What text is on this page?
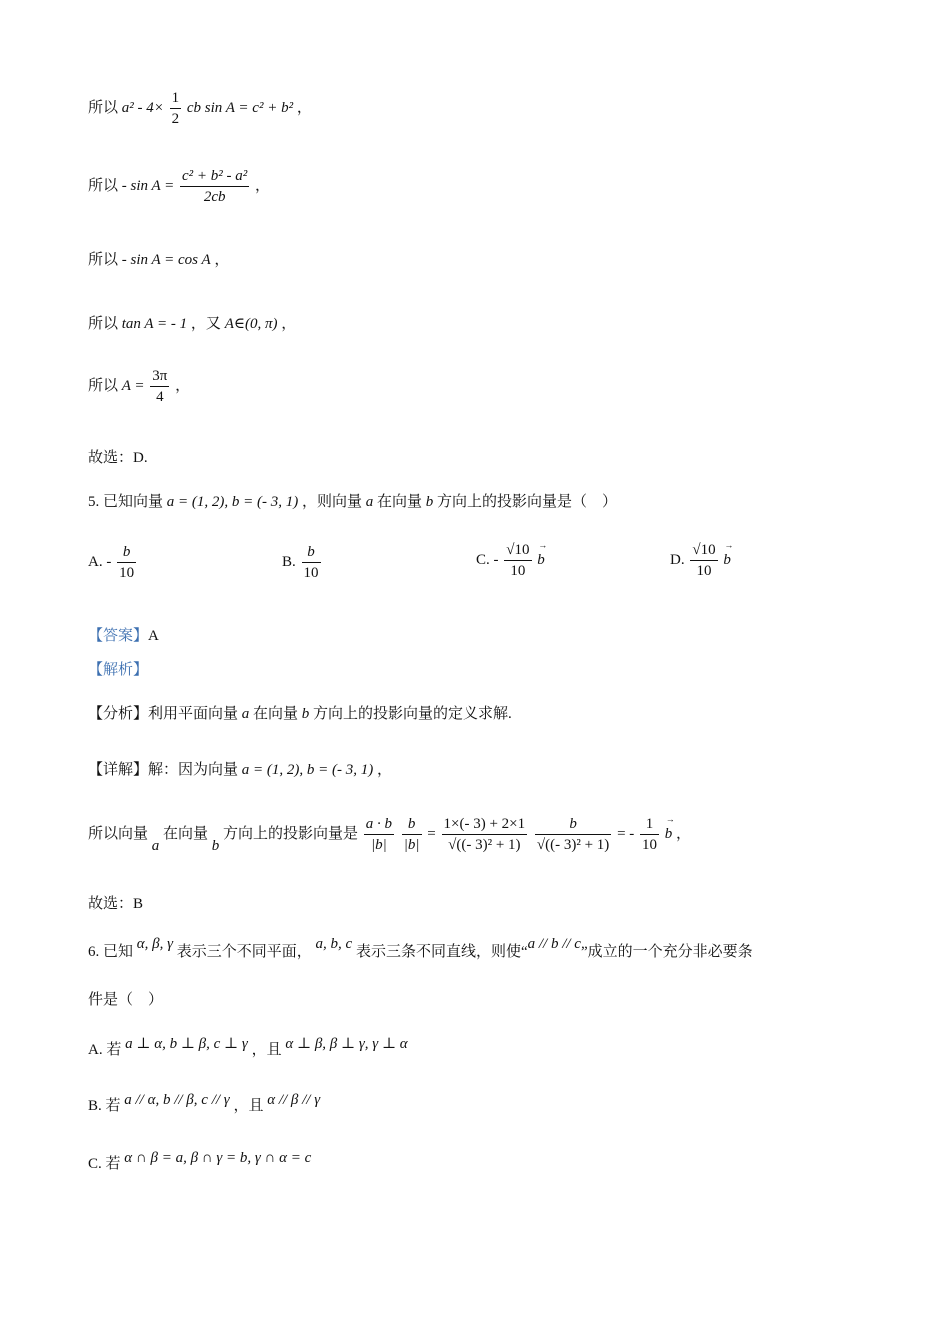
所以 $a^2 - 4\times \frac{1}{2}$ cb sin A = c² + b² ，
所以 - $\sin A = \frac{\text{c² + b² - a²}}{2cb}$ ，
所以 - sin A = cos A ，
所以 tan A = - 1 ，又 A∈(0, π) ，
所以 $A = \frac{3\pi}{4}$ ，
故选：D.
5. 已知向量 a = (1, 2), b = (- 3, 1) ，则向量 a 在向量 b 方向上的投影向量是（　）
A. - $\frac{b}{10}$	B. $\frac{b}{10}$	C. - $\frac{√10}{10}$
→ b	D. $\frac{√10}{10}$
→ b
【答案】A
【解析】
【分析】利用平面向量 a 在向量 b 方向上的投影向量的定义求解.
【详解】解：因为向量 a = (1, 2), b = (- 3, 1) ，
所以向量 a 在向量 b 方向上的投影向量是 $\frac{a \cdot b}{|b|}$
$\frac{b}{|b|} = \frac{1\times(- 3) + 2\times 1}{\text{√((- 3)² + 1)}}$
$\frac{b}{\text{√((- 3)² + 1)}}$ = - $\frac{1}{10}$
→ b ，
故选：B
6. 已知 α, β, γ 表示三个不同平面， a, b, c 表示三条不同直线，则使“a // b // c”成立的一个充分非必要条
件是（　）
A. 若 a ⊥ α, b ⊥ β, c ⊥ γ ，且 α ⊥ β, β ⊥ γ, γ ⊥ α
B. 若 a // α, b // β, c // γ ，且 α // β // γ
C. 若 α ∩ β = a, β ∩ γ = b, γ ∩ α = c
